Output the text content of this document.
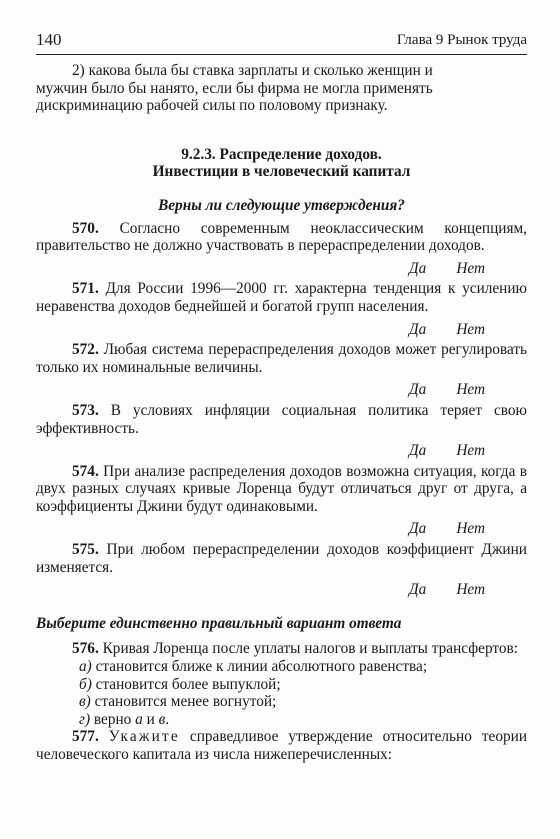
140	Глава 9 Рынок труда

2) какова была бы ставка зарплаты и сколько женщин и

мужчин было бы нанято, если бы фирма не могла применять

дискриминацию рабочей силы по половому признаку.

9.2.3. Распределение доходов.
Инвестиции в человеческий капитал
Верны ли следующие утверждения?

570. Согласно современным неоклассическим концепциям, правительство не должно участвовать в перераспределении доходов.

Да Нет

571. Для России 1996—2000 гг. характерна тенденция к усилению неравенства доходов беднейшей и богатой групп населения.

Да Нет

572. Любая система перераспределения доходов может регулировать только их номинальные величины.

Да Нет

573. В условиях инфляции социальная политика теряет свою эффективность.

Да Нет

574. При анализе распределения доходов возможна ситуация, когда в двух разных случаях кривые Лоренца будут отличаться друг от друга, а коэффициенты Джини будут одинаковыми.

Да Нет

575. При любом перераспределении доходов коэффициент Джини изменяется.

Да Нет
Выберите единственно правильный вариант ответа

576. Кривая Лоренца после уплаты налогов и выплаты трансфертов:

а) становится ближе к линии абсолютного равенства;
б) становится более выпуклой;
в) становится менее вогнутой;
г) верно а и в.

577. Укажите справедливое утверждение относительно теории человеческого капитала из числа нижеперечисленных:
